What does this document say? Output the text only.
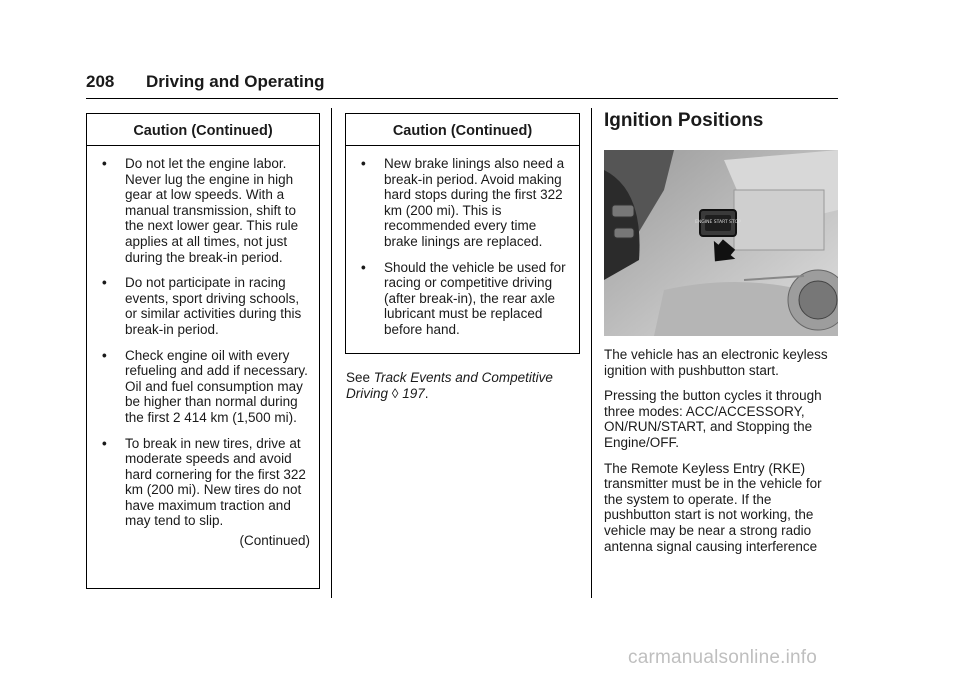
208 Driving and Operating
Caution (Continued)
• Do not let the engine labor. Never lug the engine in high gear at low speeds. With a manual transmission, shift to the next lower gear. This rule applies at all times, not just during the break-in period.
• Do not participate in racing events, sport driving schools, or similar activities during this break-in period.
• Check engine oil with every refueling and add if necessary. Oil and fuel consumption may be higher than normal during the first 2 414 km (1,500 mi).
• To break in new tires, drive at moderate speeds and avoid hard cornering for the first 322 km (200 mi). New tires do not have maximum traction and may tend to slip.
(Continued)
Caution (Continued)
• New brake linings also need a break-in period. Avoid making hard stops during the first 322 km (200 mi). This is recommended every time brake linings are replaced.
• Should the vehicle be used for racing or competitive driving (after break-in), the rear axle lubricant must be replaced before hand.
See Track Events and Competitive Driving ◊ 197.
Ignition Positions
ENGINE START STOP

The vehicle has an electronic keyless ignition with pushbutton start.

Pressing the button cycles it through three modes: ACC/ACCESSORY, ON/RUN/START, and Stopping the Engine/OFF.

The Remote Keyless Entry (RKE) transmitter must be in the vehicle for the system to operate. If the pushbutton start is not working, the vehicle may be near a strong radio antenna signal causing interference

carmanualsonline.info
